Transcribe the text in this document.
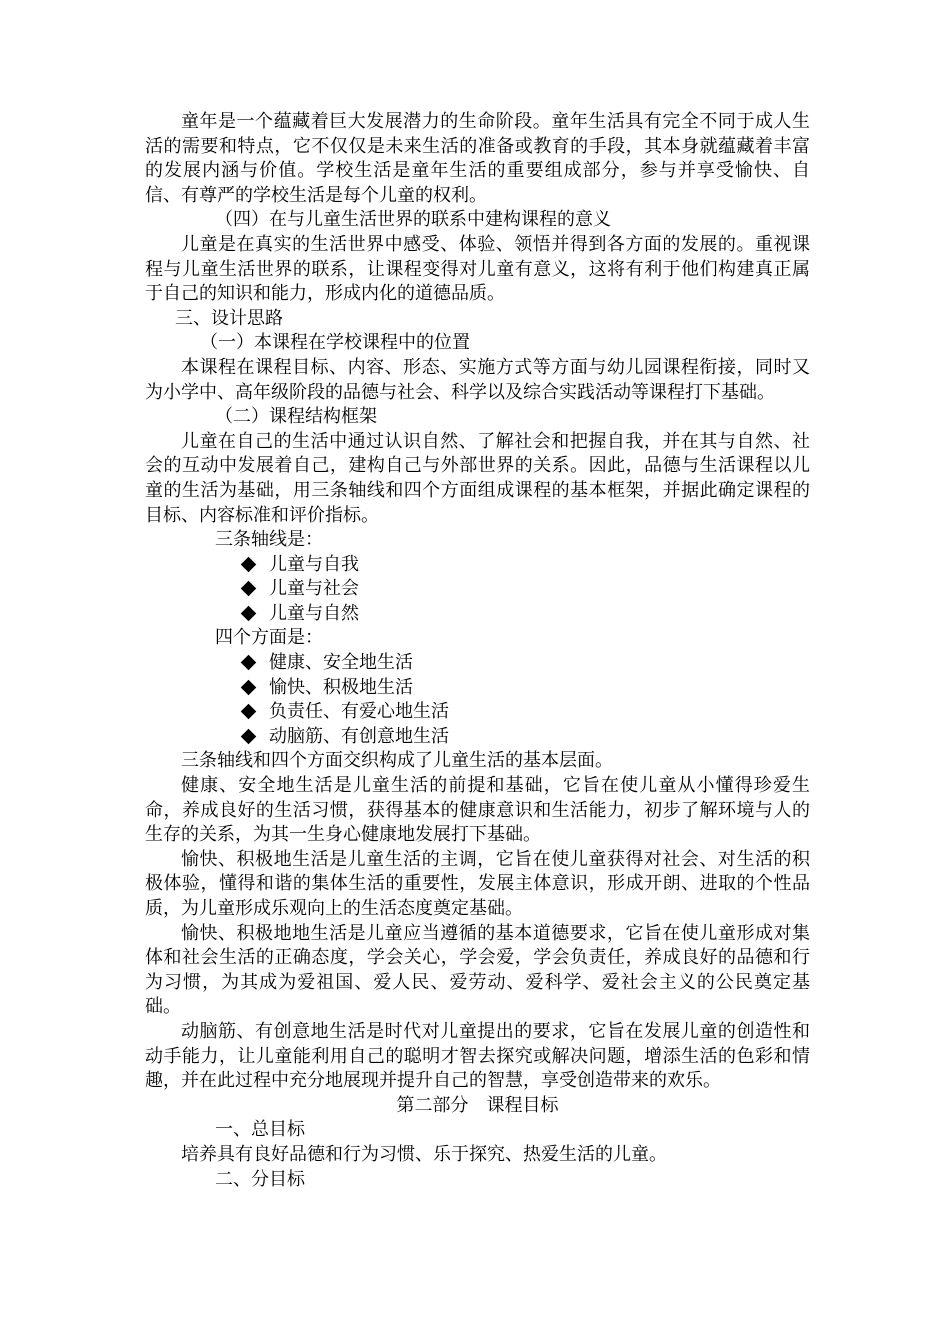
童年是一个蕴藏着巨大发展潜力的生命阶段。童年生活具有完全不同于成人生活的需要和特点，它不仅仅是未来生活的准备或教育的手段，其本身就蕴藏着丰富的发展内涵与价值。学校生活是童年生活的重要组成部分，参与并享受愉快、自信、有尊严的学校生活是每个儿童的权利。

（四）在与儿童生活世界的联系中建构课程的意义

儿童是在真实的生活世界中感受、体验、领悟并得到各方面的发展的。重视课程与儿童生活世界的联系，让课程变得对儿童有意义，这将有利于他们构建真正属于自己的知识和能力，形成内化的道德品质。

三、设计思路
（一）本课程在学校课程中的位置

本课程在课程目标、内容、形态、实施方式等方面与幼儿园课程衔接，同时又为小学中、高年级阶段的品德与社会、科学以及综合实践活动等课程打下基础。

（二）课程结构框架

儿童在自己的生活中通过认识自然、了解社会和把握自我，并在其与自然、社会的互动中发展着自己，建构自己与外部世界的关系。因此，品德与生活课程以儿童的生活为基础，用三条轴线和四个方面组成课程的基本框架，并据此确定课程的目标、内容标准和评价指标。

三条轴线是：
儿童与自我
儿童与社会
儿童与自然
四个方面是：
健康、安全地生活
愉快、积极地生活
负责任、有爱心地生活
动脑筋、有创意地生活
三条轴线和四个方面交织构成了儿童生活的基本层面。

健康、安全地生活是儿童生活的前提和基础，它旨在使儿童从小懂得珍爱生命，养成良好的生活习惯，获得基本的健康意识和生活能力，初步了解环境与人的生存的关系，为其一生身心健康地发展打下基础。

愉快、积极地生活是儿童生活的主调，它旨在使儿童获得对社会、对生活的积极体验，懂得和谐的集体生活的重要性，发展主体意识，形成开朗、进取的个性品质，为儿童形成乐观向上的生活态度奠定基础。

愉快、积极地地生活是儿童应当遵循的基本道德要求，它旨在使儿童形成对集体和社会生活的正确态度，学会关心，学会爱，学会负责任，养成良好的品德和行为习惯，为其成为爱祖国、爱人民、爱劳动、爱科学、爱社会主义的公民奠定基础。

动脑筋、有创意地生活是时代对儿童提出的要求，它旨在发展儿童的创造性和动手能力，让儿童能利用自己的聪明才智去探究或解决问题，增添生活的色彩和情趣，并在此过程中充分地展现并提升自己的智慧，享受创造带来的欢乐。

第二部分　课程目标
一、总目标

培养具有良好品德和行为习惯、乐于探究、热爱生活的儿童。

二、分目标
